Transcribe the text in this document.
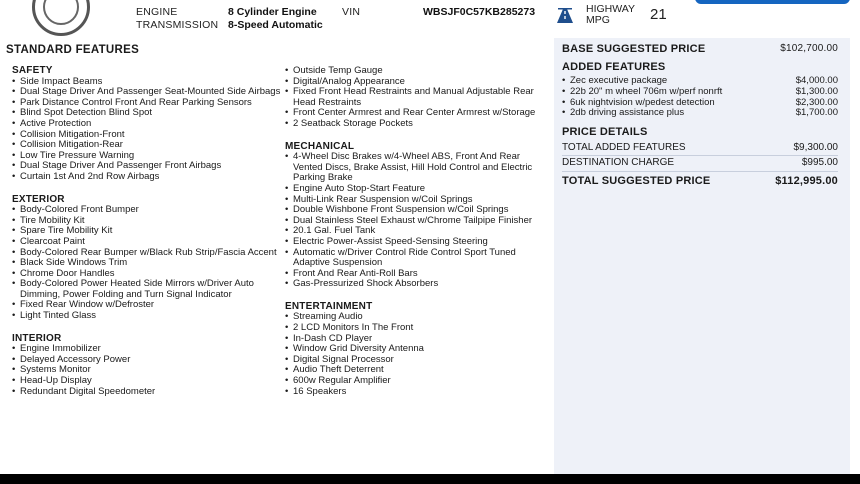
ENGINE	8 Cylinder Engine VIN	WBSJF0C57KB285273
TRANSMISSION 8-Speed Automatic
HIGHWAY
MPG	21
STANDARD FEATURES
SAFETY
• Side Impact Beams
• Dual Stage Driver And Passenger Seat-Mounted Side Airbags
• Park Distance Control Front And Rear Parking Sensors
• Blind Spot Detection Blind Spot
• Active Protection
• Collision Mitigation-Front
• Collision Mitigation-Rear
• Low Tire Pressure Warning
• Dual Stage Driver And Passenger Front Airbags
• Curtain 1st And 2nd Row Airbags
EXTERIOR
• Body-Colored Front Bumper
• Tire Mobility Kit
• Spare Tire Mobility Kit
• Clearcoat Paint
• Body-Colored Rear Bumper w/Black Rub Strip/Fascia Accent
• Black Side Windows Trim
• Chrome Door Handles
• Body-Colored Power Heated Side Mirrors w/Driver Auto Dimming, Power Folding and Turn Signal Indicator
• Fixed Rear Window w/Defroster
• Light Tinted Glass
INTERIOR
• Engine Immobilizer
• Delayed Accessory Power
• Systems Monitor
• Head-Up Display
• Redundant Digital Speedometer
• Outside Temp Gauge
• Digital/Analog Appearance
• Fixed Front Head Restraints and Manual Adjustable Rear Head Restraints
• Front Center Armrest and Rear Center Armrest w/Storage
• 2 Seatback Storage Pockets
MECHANICAL
• 4-Wheel Disc Brakes w/4-Wheel ABS, Front And Rear Vented Discs, Brake Assist, Hill Hold Control and Electric Parking Brake
• Engine Auto Stop-Start Feature
• Multi-Link Rear Suspension w/Coil Springs
• Double Wishbone Front Suspension w/Coil Springs
• Dual Stainless Steel Exhaust w/Chrome Tailpipe Finisher
• 20.1 Gal. Fuel Tank
• Electric Power-Assist Speed-Sensing Steering
• Automatic w/Driver Control Ride Control Sport Tuned Adaptive Suspension
• Front And Rear Anti-Roll Bars
• Gas-Pressurized Shock Absorbers
ENTERTAINMENT
• Streaming Audio
• 2 LCD Monitors In The Front
• In-Dash CD Player
• Window Grid Diversity Antenna
• Digital Signal Processor
• Audio Theft Deterrent
• 600w Regular Amplifier
• 16 Speakers
BASE SUGGESTED PRICE	$102,700.00
ADDED FEATURES
• Zec executive package	$4,000.00
• 22b 20" m wheel 706m w/perf nonrft	$1,300.00
• 6uk nightvision w/pedest detection	$2,300.00
• 2db driving assistance plus	$1,700.00
PRICE DETAILS
TOTAL ADDED FEATURES	$9,300.00
DESTINATION CHARGE	$995.00
TOTAL SUGGESTED PRICE	$112,995.00
